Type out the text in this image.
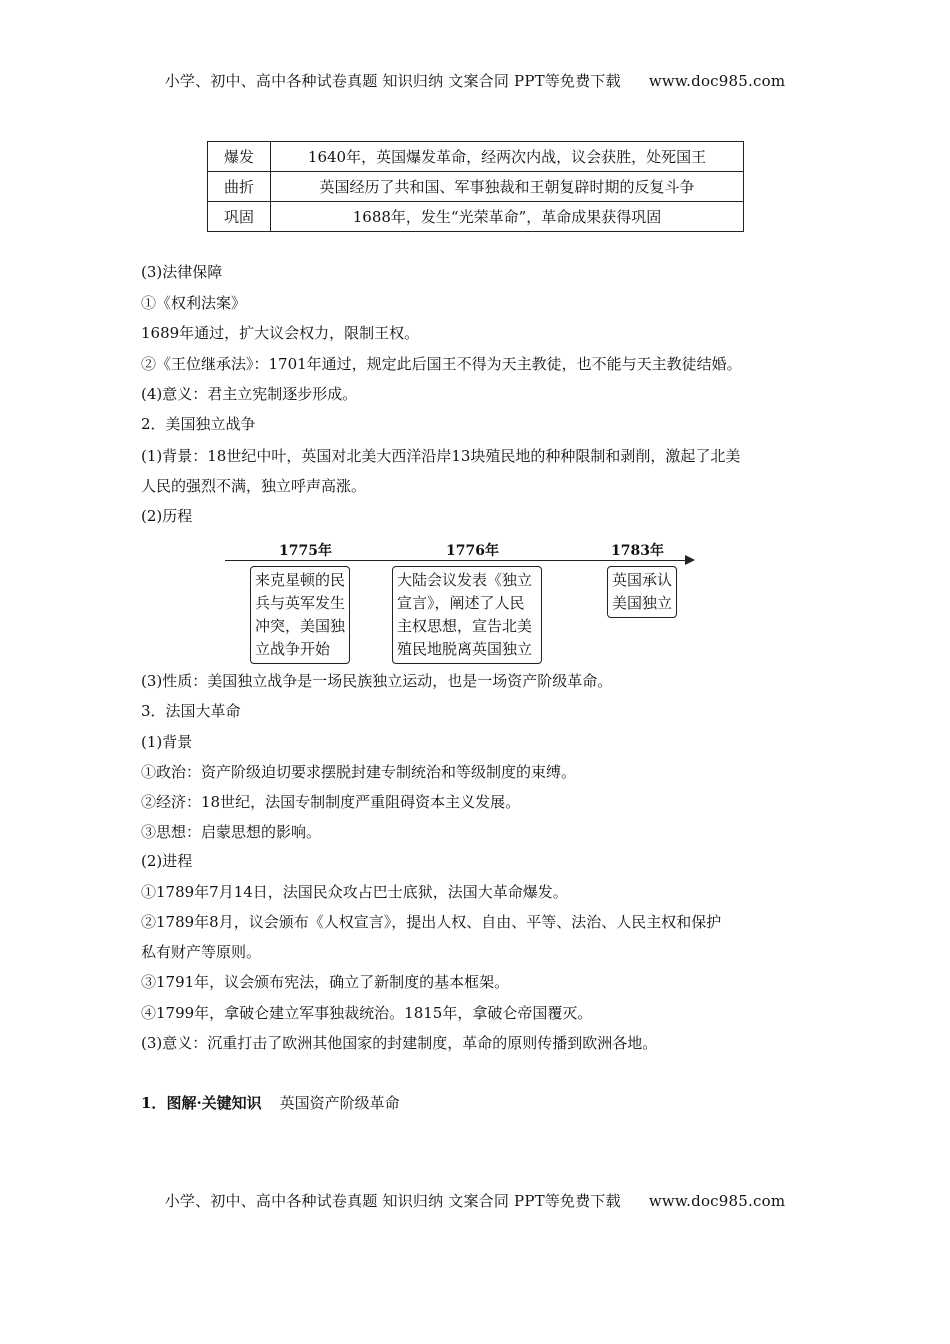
小学、初中、高中各种试卷真题 知识归纳 文案合同 PPT等免费下载 www.doc985.com
爆发	1640年，英国爆发革命，经两次内战，议会获胜，处死国王
曲折	英国经历了共和国、军事独裁和王朝复辟时期的反复斗争
巩固	1688年，发生“光荣革命”，革命成果获得巩固
(3)法律保障
①《权利法案》
1689年通过，扩大议会权力，限制王权。
②《王位继承法》：1701年通过，规定此后国王不得为天主教徒，也不能与天主教徒结婚。
(4)意义：君主立宪制逐步形成。
2．美国独立战争
(1)背景：18世纪中叶，英国对北美大西洋沿岸13块殖民地的种种限制和剥削，激起了北美
人民的强烈不满，独立呼声高涨。
(2)历程
(3)性质：美国独立战争是一场民族独立运动，也是一场资产阶级革命。
3．法国大革命
(1)背景
①政治：资产阶级迫切要求摆脱封建专制统治和等级制度的束缚。
②经济：18世纪，法国专制制度严重阻碍资本主义发展。
③思想：启蒙思想的影响。
(2)进程
①1789年7月14日，法国民众攻占巴士底狱，法国大革命爆发。
②1789年8月，议会颁布《人权宣言》，提出人权、自由、平等、法治、人民主权和保护
私有财产等原则。
③1791年，议会颁布宪法，确立了新制度的基本框架。
④1799年，拿破仑建立军事独裁统治。1815年，拿破仑帝国覆灭。
(3)意义：沉重打击了欧洲其他国家的封建制度，革命的原则传播到欧洲各地。
1．图解·关键知识 英国资产阶级革命
1775年
来克星顿的民
兵与英军发生
冲突，美国独
立战争开始
1776年
大陆会议发表《独立
宣言》，阐述了人民
主权思想，宣告北美
殖民地脱离英国独立
1783年
英国承认
美国独立
小学、初中、高中各种试卷真题 知识归纳 文案合同 PPT等免费下载 www.doc985.com
